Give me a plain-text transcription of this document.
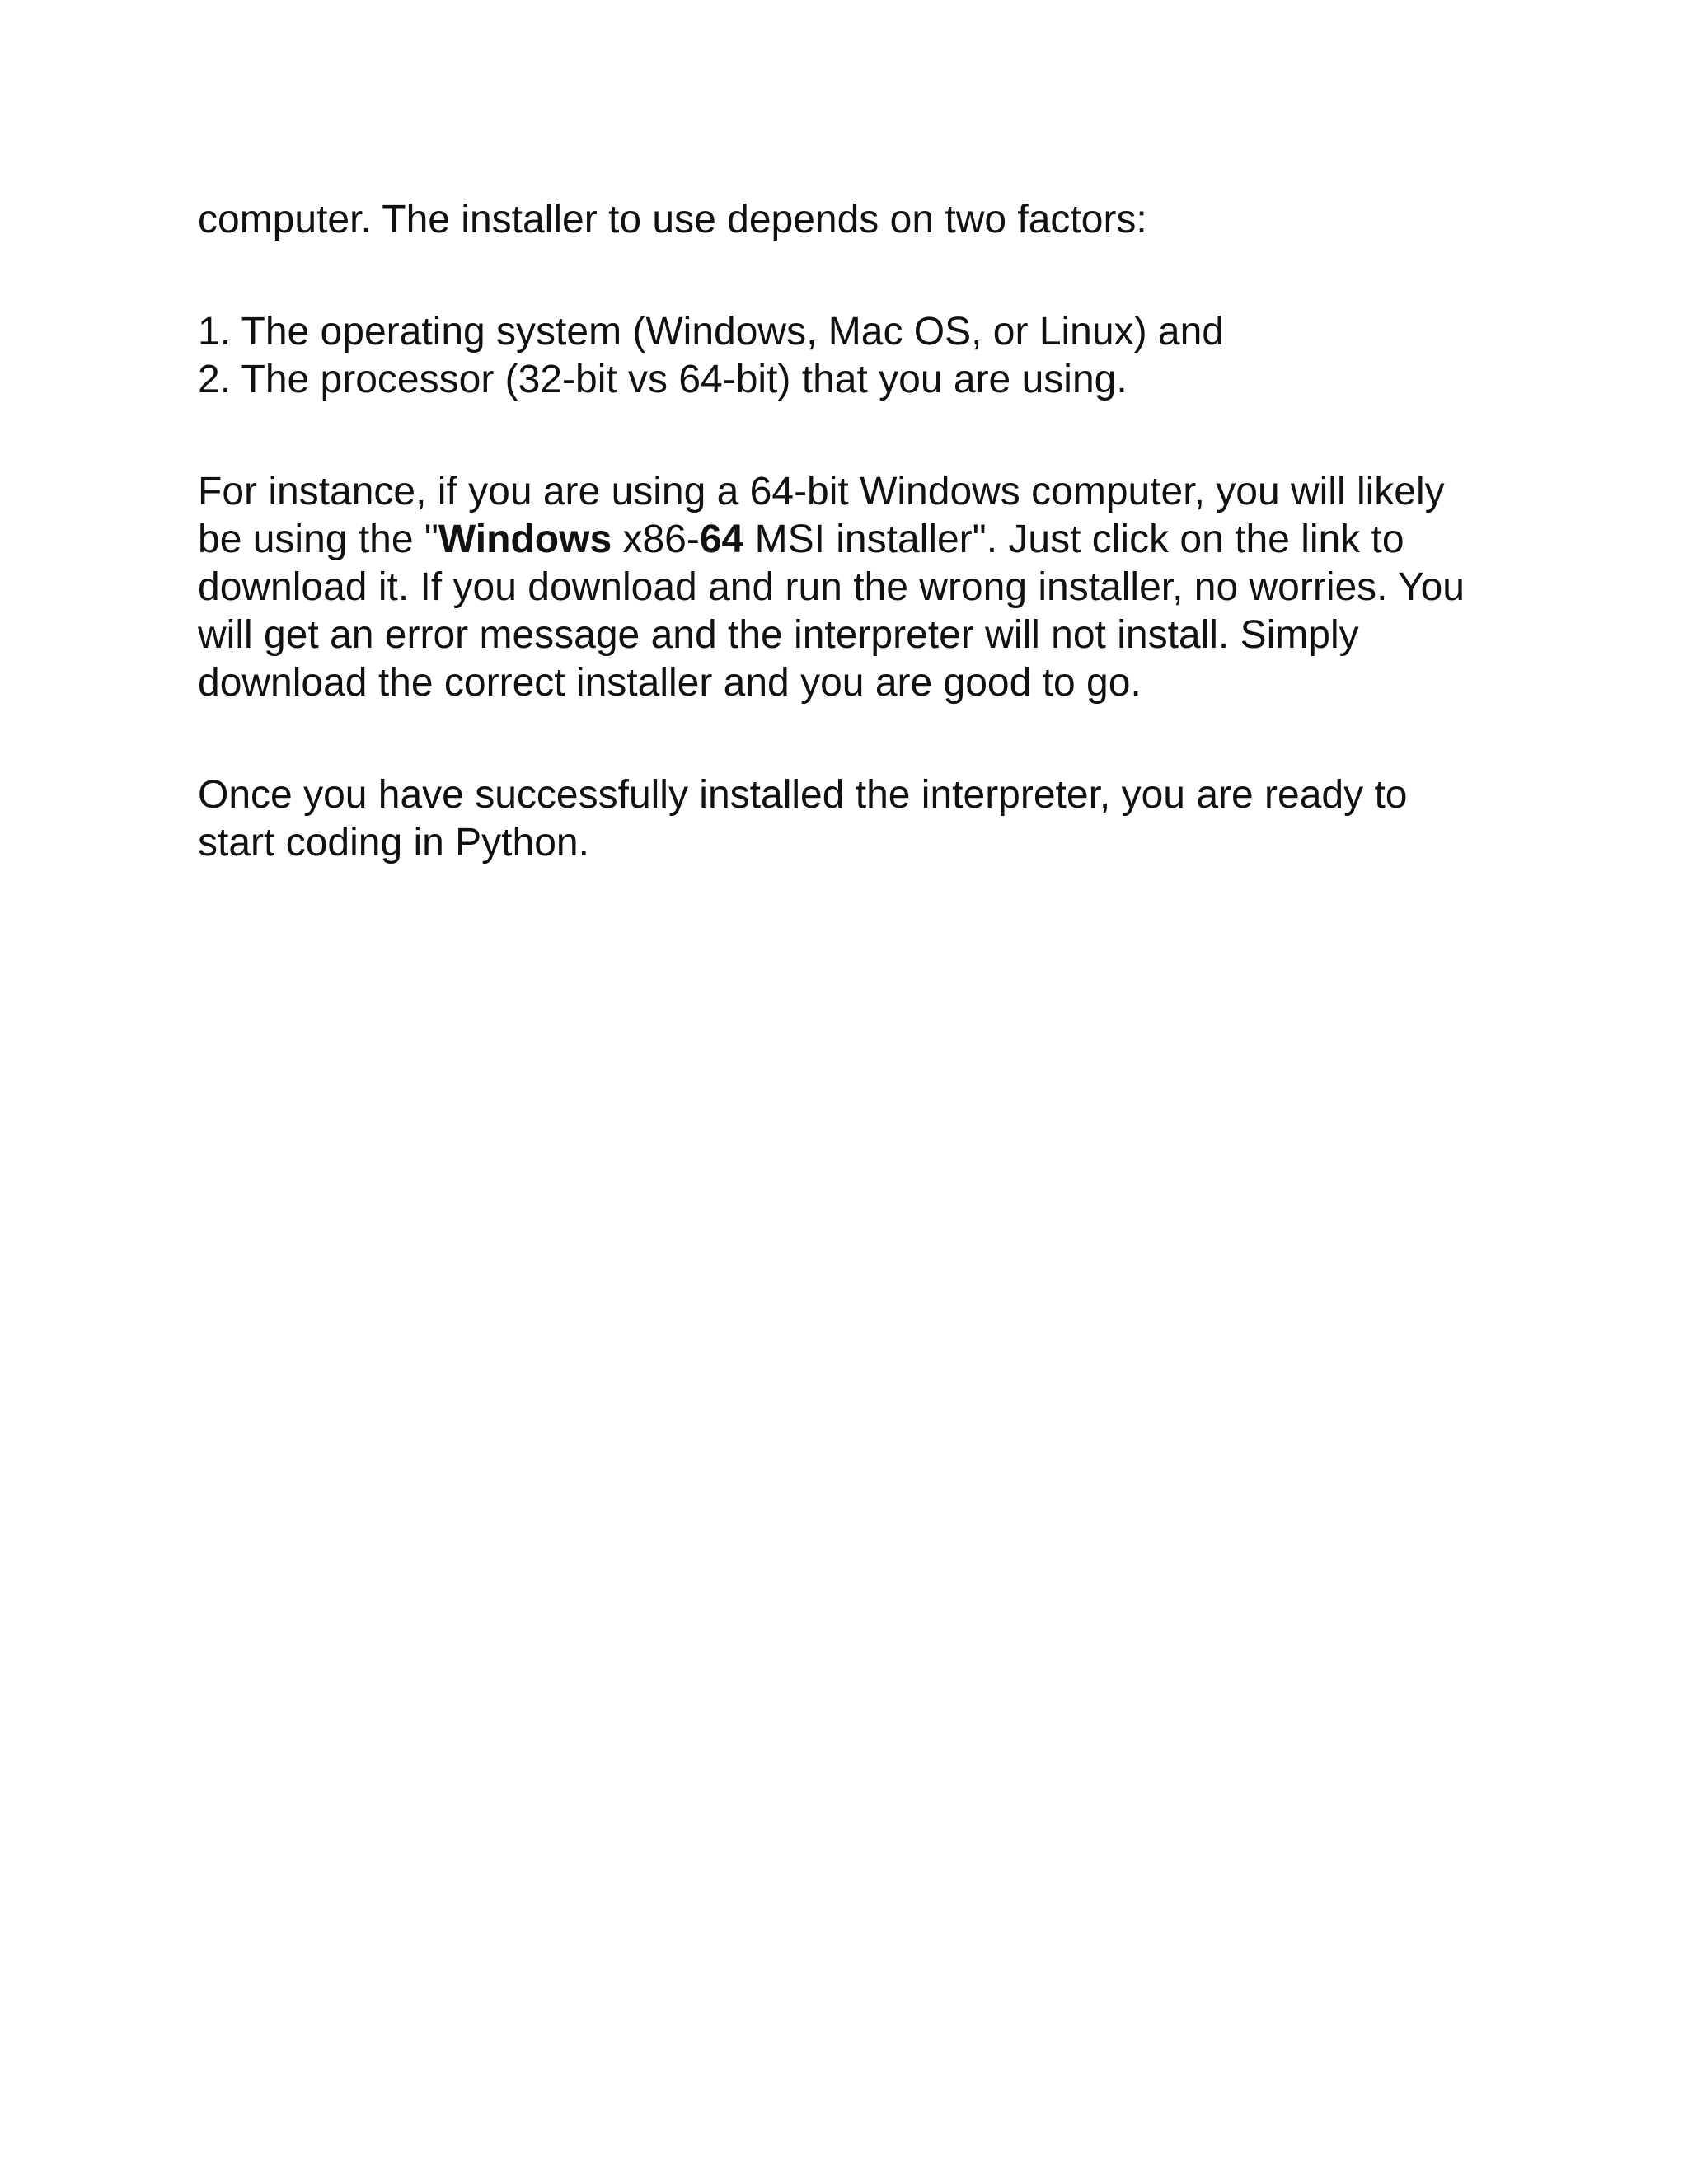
computer. The installer to use depends on two factors:

1. The operating system (Windows, Mac OS, or Linux) and
2. The processor (32-bit vs 64-bit) that you are using.

For instance, if you are using a 64-bit Windows computer, you will likely
be using the "Windows x86-64 MSI installer". Just click on the link to
download it. If you download and run the wrong installer, no worries. You
will get an error message and the interpreter will not install. Simply
download the correct installer and you are good to go.

Once you have successfully installed the interpreter, you are ready to
start coding in Python.
